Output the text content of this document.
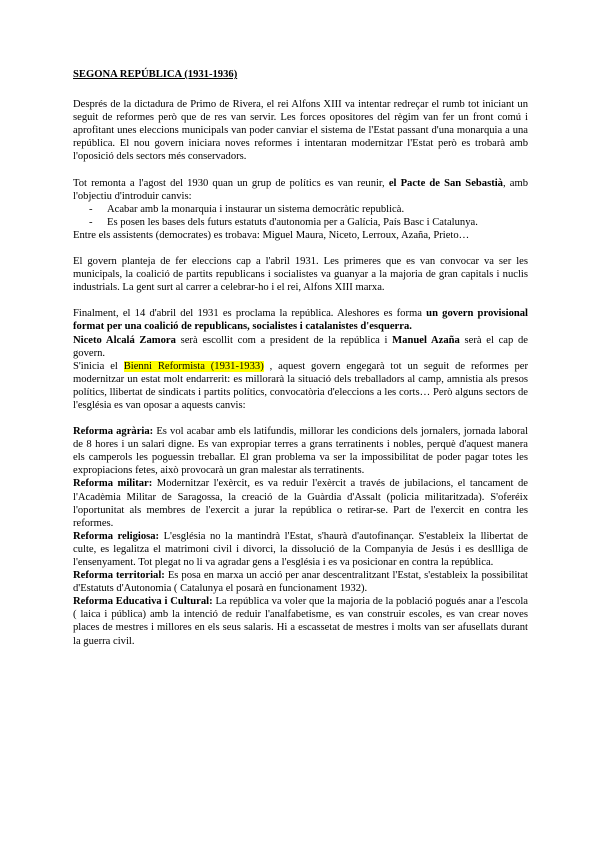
SEGONA REPÚBLICA (1931-1936)

Després de la dictadura de Primo de Rivera, el rei Alfons XIII va intentar redreçar el rumb tot iniciant un seguit de reformes però que de res van servir. Les forces opositores del règim van fer un front comú i aprofitant unes eleccions municipals van poder canviar el sistema de l'Estat passant d'una monarquia a una república. El nou govern iniciara noves reformes i intentaran modernitzar l'Estat però es trobarà amb l'oposició dels sectors més conservadors.

Tot remonta a l'agost del 1930 quan un grup de polítics es van reunir, el Pacte de San Sebastià, amb l'objectiu d'introduir canvis:

- Acabar amb la monarquia i instaurar un sistema democràtic republicà.
- Es posen les bases dels futurs estatuts d'autonomia per a Galícia, País Basc i Catalunya.

Entre els assistents (democrates) es trobava: Miguel Maura, Niceto, Lerroux, Azaña, Prieto…

El govern planteja de fer eleccions cap a l'abril 1931. Les primeres que es van convocar va ser les municipals, la coalició de partits republicans i socialistes va guanyar a la majoria de gran capitals i nuclis industrials. La gent surt al carrer a celebrar-ho i el rei, Alfons XIII marxa.

Finalment, el 14 d'abril del 1931 es proclama la república. Aleshores es forma un govern provisional format per una coalició de republicans, socialistes i catalanistes d'esquerra.

Niceto Alcalá Zamora serà escollit com a president de la república i Manuel Azaña serà el cap de govern.

S'inicia el Bienni Reformista (1931-1933) , aquest govern engegarà tot un seguit de reformes per modernitzar un estat molt endarrerit: es millorarà la situació dels treballadors al camp, amnistia als presos polítics, llibertat de sindicats i partits polítics, convocatòria d'eleccions a les corts… Però alguns sectors de l'església es van oposar a aquests canvis:

Reforma agrària: Es vol acabar amb els latifundis, millorar les condicions dels jornalers, jornada laboral de 8 hores i un salari digne. Es van expropiar terres a grans terratinents i nobles, perquè d'aquest manera els camperols les poguessin treballar. El gran problema va ser la impossibilitat de poder pagar totes les expropiacions fetes, això provocarà un gran malestar als terratinents.

Reforma militar: Modernitzar l'exèrcit, es va reduir l'exèrcit a través de jubilacions, el tancament de l'Acadèmia Militar de Saragossa, la creació de la Guàrdia d'Assalt (policia militaritzada). S'oferéix l'oportunitat als membres de l'exercit a jurar la república o retirar-se. Part de l'exercit en contra les reformes.

Reforma religiosa: L'església no la mantindrà l'Estat, s'haurà d'autofinançar. S'estableix la llibertat de culte, es legalitza el matrimoni civil i divorci, la dissolució de la Companyia de Jesús i es desllliga de l'ensenyament. Tot plegat no li va agradar gens a l'església i es va posicionar en contra la república.

Reforma territorial: Es posa en marxa un acció per anar descentralitzant l'Estat, s'estableix la possibilitat d'Estatuts d'Autonomia ( Catalunya el posarà en funcionament 1932).

Reforma Educativa i Cultural: La república va voler que la majoria de la població pogués anar a l'escola ( laica i pública) amb la intenció de reduir l'analfabetisme, es van construir escoles, es van crear noves places de mestres i millores en els seus salaris. Hi a escassetat de mestres i molts van ser afusellats durant la guerra civil.
